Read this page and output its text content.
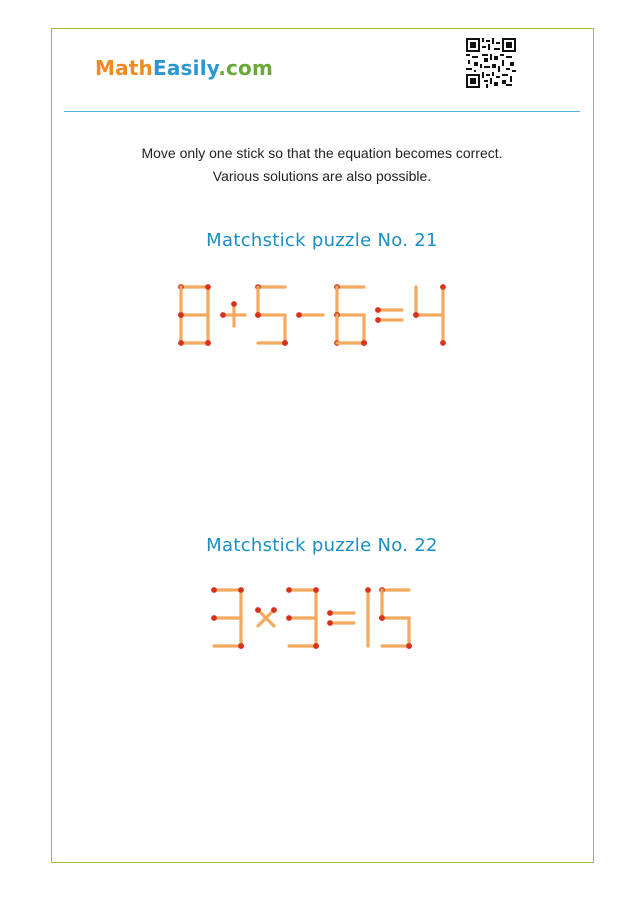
MathEasily.com
Move only one stick so that the equation becomes correct.
Various solutions are also possible.
Matchstick puzzle No. 21
Matchstick puzzle No. 22
